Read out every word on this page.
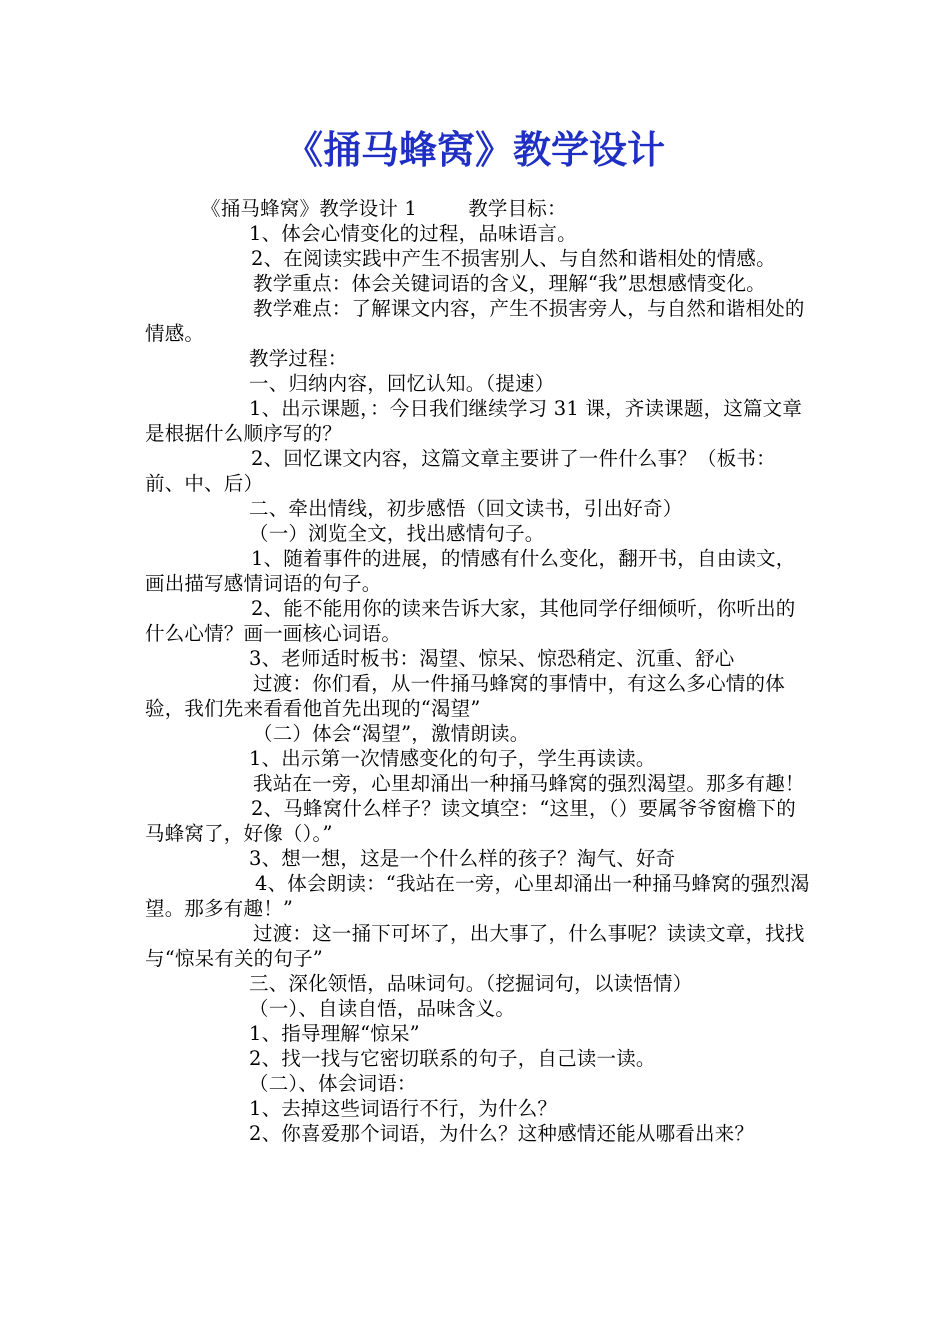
《捅马蜂窝》教学设计

《捅马蜂窝》教学设计 1        教学目标：

1、体会心情变化的过程，品味语言。

2、在阅读实践中产生不损害别人、与自然和谐相处的情感。

教学重点：体会关键词语的含义，理解“我”思想感情变化。

教学难点：了解课文内容，产生不损害旁人，与自然和谐相处的情感。

教学过程：

一、归纳内容，回忆认知。（提速）

1、出示课题，：今日我们继续学习 31 课，齐读课题，这篇文章是根据什么顺序写的？

2、回忆课文内容，这篇文章主要讲了一件什么事？（板书：前、中、后）

二、牵出情线，初步感悟（回文读书，引出好奇）

（一）浏览全文，找出感情句子。

1、随着事件的进展，的情感有什么变化，翻开书，自由读文，画出描写感情词语的句子。

2、能不能用你的读来告诉大家，其他同学仔细倾听，你听出的什么心情？画一画核心词语。

3、老师适时板书：渴望、惊呆、惊恐稍定、沉重、舒心

过渡：你们看，从一件捅马蜂窝的事情中，有这么多心情的体验，我们先来看看他首先出现的“渴望”

（二）体会“渴望”，激情朗读。

1、出示第一次情感变化的句子，学生再读读。

我站在一旁，心里却涌出一种捅马蜂窝的强烈渴望。那多有趣！

2、马蜂窝什么样子？读文填空：“这里，（）要属爷爷窗檐下的马蜂窝了，好像（）。”

3、想一想，这是一个什么样的孩子？淘气、好奇

4、体会朗读：“我站在一旁，心里却涌出一种捅马蜂窝的强烈渴望。那多有趣！”

过渡：这一捅下可坏了，出大事了，什么事呢？读读文章，找找与“惊呆有关的句子”

三、深化领悟，品味词句。（挖掘词句，以读悟情）

（一）、自读自悟，品味含义。

1、指导理解“惊呆”

2、找一找与它密切联系的句子，自己读一读。

（二）、体会词语：

1、去掉这些词语行不行，为什么？

2、你喜爱那个词语，为什么？这种感情还能从哪看出来？
